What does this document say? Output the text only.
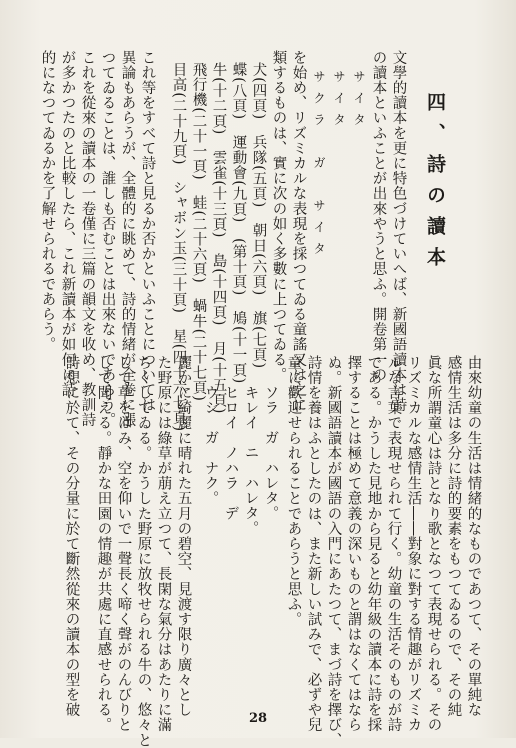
四、詩の讀本
文學的讀本を更に特色づけていへば、新國語讀本は詩
の讀本といふことが出來やうと思ふ。開卷第一の
サイタ
サイタ
サクラ　ガ　サイタ
を始め、リズミカルな表現を採つてゐる童謠又は之に
類するものは、實に次の如く多數に上つてゐる。
犬(四頁)　兵隊(五頁)　朝日(六頁)　旗(七頁)
蝶(八頁)　運動會(九頁)　(第十頁)　鳩(十一頁)
牛(十二頁)　雲雀(十三頁)　島(十四頁)　月(十五頁)
飛行機(二十一頁)　蛙(二十六頁)　蝸牛(二十七頁)
目高(二十九頁)　シャボン玉(三十頁)　星(四十六七頁)
これ等をすべて詩と見るか否かといふことについては
異論もあらうが、全體的に眺めて、詩的情緒が全卷に漲
つてゐることは、誰しも否むことは出來ないであらう。
これを從來の讀本の一卷僅に三篇の韻文を收め、教訓詩
が多かつたのと比較したら、これ新讀本が如何に詩
的になつてゐるかを了解せられるであらう。
由來幼童の生活は情緒的なものであつて、その單純な
感情生活は多分に詩的要素をもつてゐるので、その純
眞な所謂童心は詩となり歌となつて表現せられる。その
リズミカルな感情生活――對象に對する情趣がリズミカ
ルな言葉で表現せられて行く。幼童の生活そのものが詩
である。かうした見地から見ると幼年級の讀本に詩を採
擇することは極めて意義の深いものと謂はなくてはなら
ぬ。新國語讀本が國語の入門にあたつて、まづ詩を擇び、
詩情を養はふとしたのは、また新しい試みで、必ずや兒
童に歡迎せられることであらうと思ふ。
ソラ　ガ　ハレタ。
キレイ　ニ　ハレタ。
ヒロイ　ノハラ　デ
ウシ　ガ　ナク。
麗かに綺麗に晴れた五月の碧空、見渡す限り廣々とし
た野原には綠草が萠え立つて、長閑な氣分はあたりに滿
ちくしてゐる。かうした野原に放牧せられる牛の、悠々と
して草をはみ、空を仰いで一聲長く啼く聲がのんびりと
して聞える。靜かな田園の情趣が共處に直感せられる。
詩想に於て、その分量に於て斷然從來の讀本の型を破
28
